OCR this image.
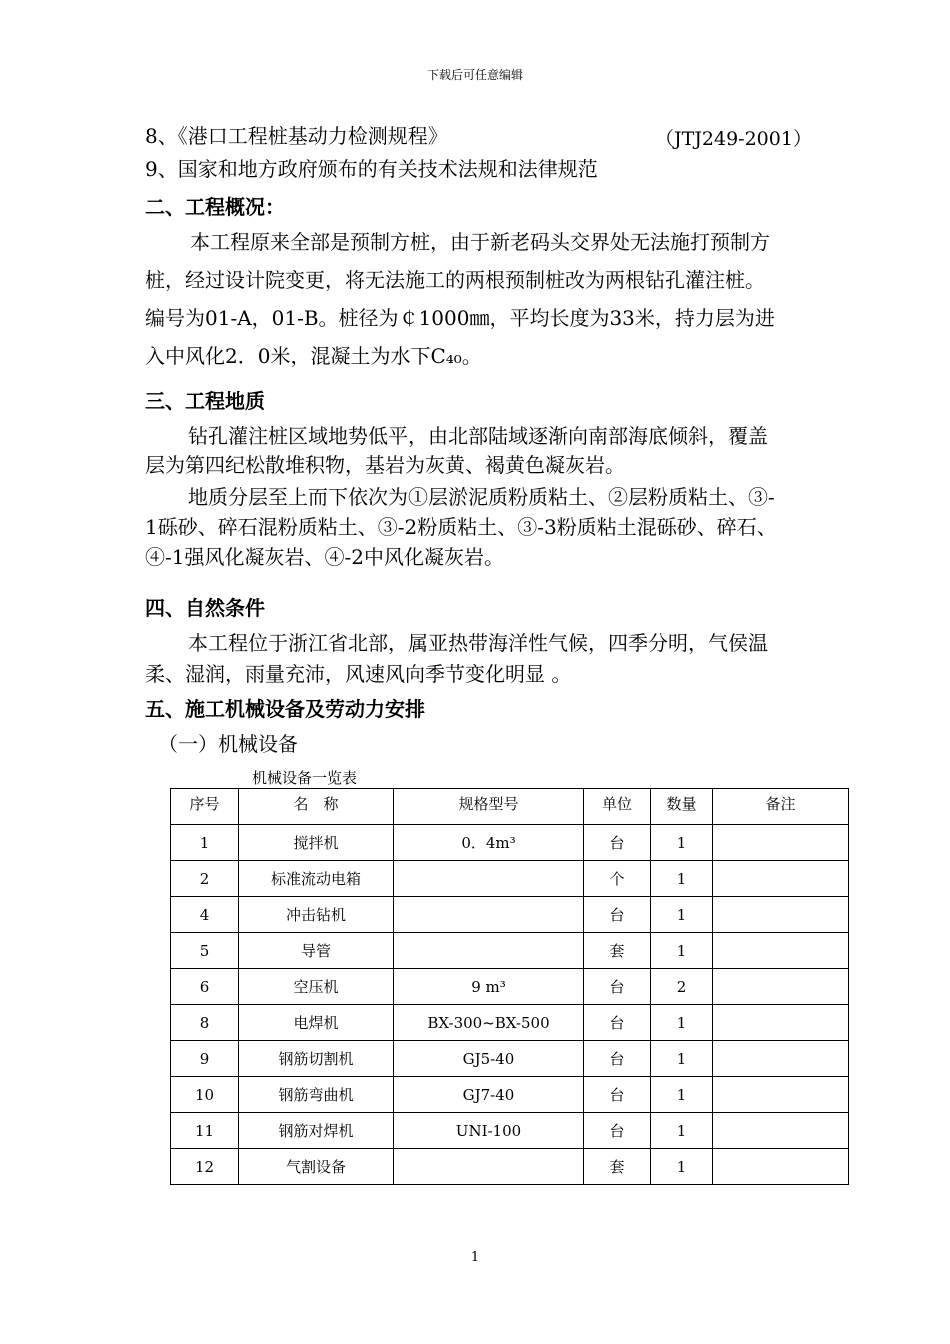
下载后可任意编辑
8、《港口工程桩基动力检测规程》	（JTJ249-2001）
9、国家和地方政府颁布的有关技术法规和法律规范
二、工程概况：
本工程原来全部是预制方桩，由于新老码头交界处无法施打预制方
桩，经过设计院变更，将无法施工的两根预制桩改为两根钻孔灌注桩。
编号为01-A，01-B。桩径为￠1000㎜，平均长度为33米，持力层为进
入中风化2．0米，混凝土为水下C₄₀。
三、工程地质
钻孔灌注桩区域地势低平，由北部陆域逐渐向南部海底倾斜，覆盖
层为第四纪松散堆积物，基岩为灰黄、褐黄色凝灰岩。
地质分层至上而下依次为①层淤泥质粉质粘土、②层粉质粘土、③-
1砾砂、碎石混粉质粘土、③-2粉质粘土、③-3粉质粘土混砾砂、碎石、
④-1强风化凝灰岩、④-2中风化凝灰岩。
四、自然条件
本工程位于浙江省北部，属亚热带海洋性气候，四季分明，气侯温
柔、湿润，雨量充沛，风速风向季节变化明显 。
五、施工机械设备及劳动力安排
（一）机械设备
机械设备一览表
序号	名　称	规格型号	单位	数量	备注
1	搅拌机	0．4m³	台	1	
2	标准流动电箱		个	1	
4	冲击钻机		台	1	
5	导管		套	1	
6	空压机	9 m³	台	2	
8	电焊机	BX-300~BX-500	台	1	
9	钢筋切割机	GJ5-40	台	1	
10	钢筋弯曲机	GJ7-40	台	1	
11	钢筋对焊机	UNI-100	台	1	
12	气割设备		套	1	
1
